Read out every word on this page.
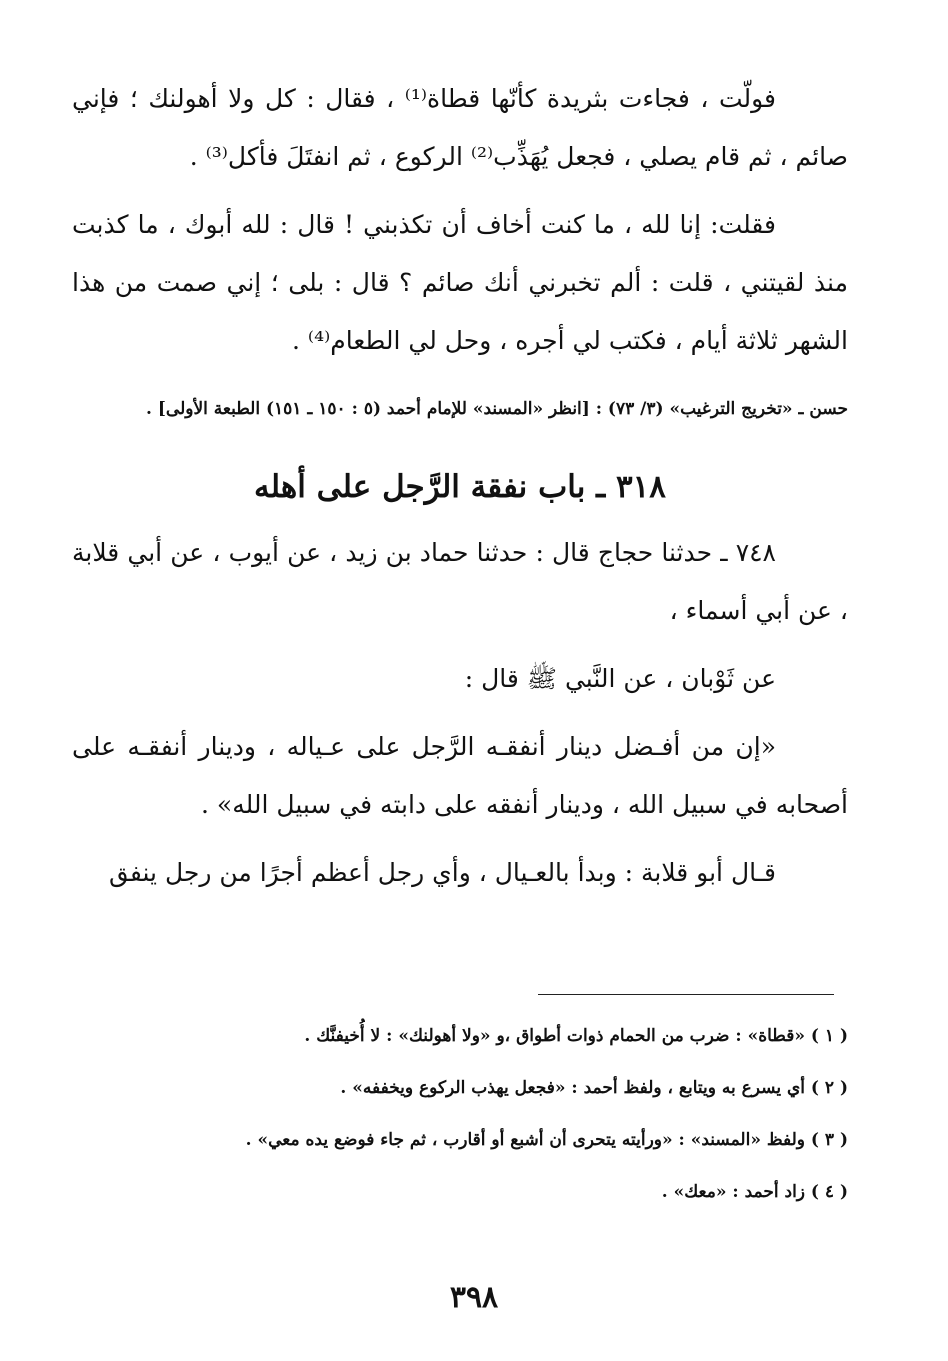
فولّت ، فجاءت بثريدة كأنّها قطاة⁽¹⁾ ، فقال : كل ولا أهولنك ؛ فإني صائم ، ثم قام يصلي ، فجعل يُهَذِّب⁽²⁾ الركوع ، ثم انفتَلَ فأكل⁽³⁾ .

فقلت: إنا لله ، ما كنت أخاف أن تكذبني ! قال : لله أبوك ، ما كذبت منذ لقيتني ، قلت : ألم تخبرني أنك صائم ؟ قال : بلى ؛ إني صمت من هذا الشهر ثلاثة أيام ، فكتب لي أجره ، وحل لي الطعام⁽⁴⁾ .

حسن ـ «تخريج الترغيب» (٣/ ٧٣) : [انظر «المسند» للإمام أحمد (٥ : ١٥٠ ـ ١٥١) الطبعة الأولى] .

٣١٨ ـ باب نفقة الرَّجل على أهله

٧٤٨ ـ حدثنا حجاج قال : حدثنا حماد بن زيد ، عن أيوب ، عن أبي قلابة ، عن أبي أسماء ،

عن ثَوْبان ، عن النَّبي ﷺ قال :

«إن من أفـضل دينار أنفقـه الرَّجل على عـياله ، ودينار أنفقـه على أصحابه في سبيل الله ، ودينار أنفقه على دابته في سبيل الله» .

قـال أبو قلابة : وبدأ بالعـيال ، وأي رجل أعظم أجرًا من رجل ينفق

( ١ ) «قطاة» : ضرب من الحمام ذوات أطواق ،و «ولا أهولنك» : لا أُخيفنَّك .

( ٢ ) أي يسرع به ويتابع ، ولفظ أحمد : «فجعل يهذب الركوع ويخففه» .

( ٣ ) ولفظ «المسند» : «ورأيته يتحرى أن أشبع أو أقارب ، ثم جاء فوضع يده معي» .

( ٤ ) زاد أحمد : «معك» .

٣٩٨
